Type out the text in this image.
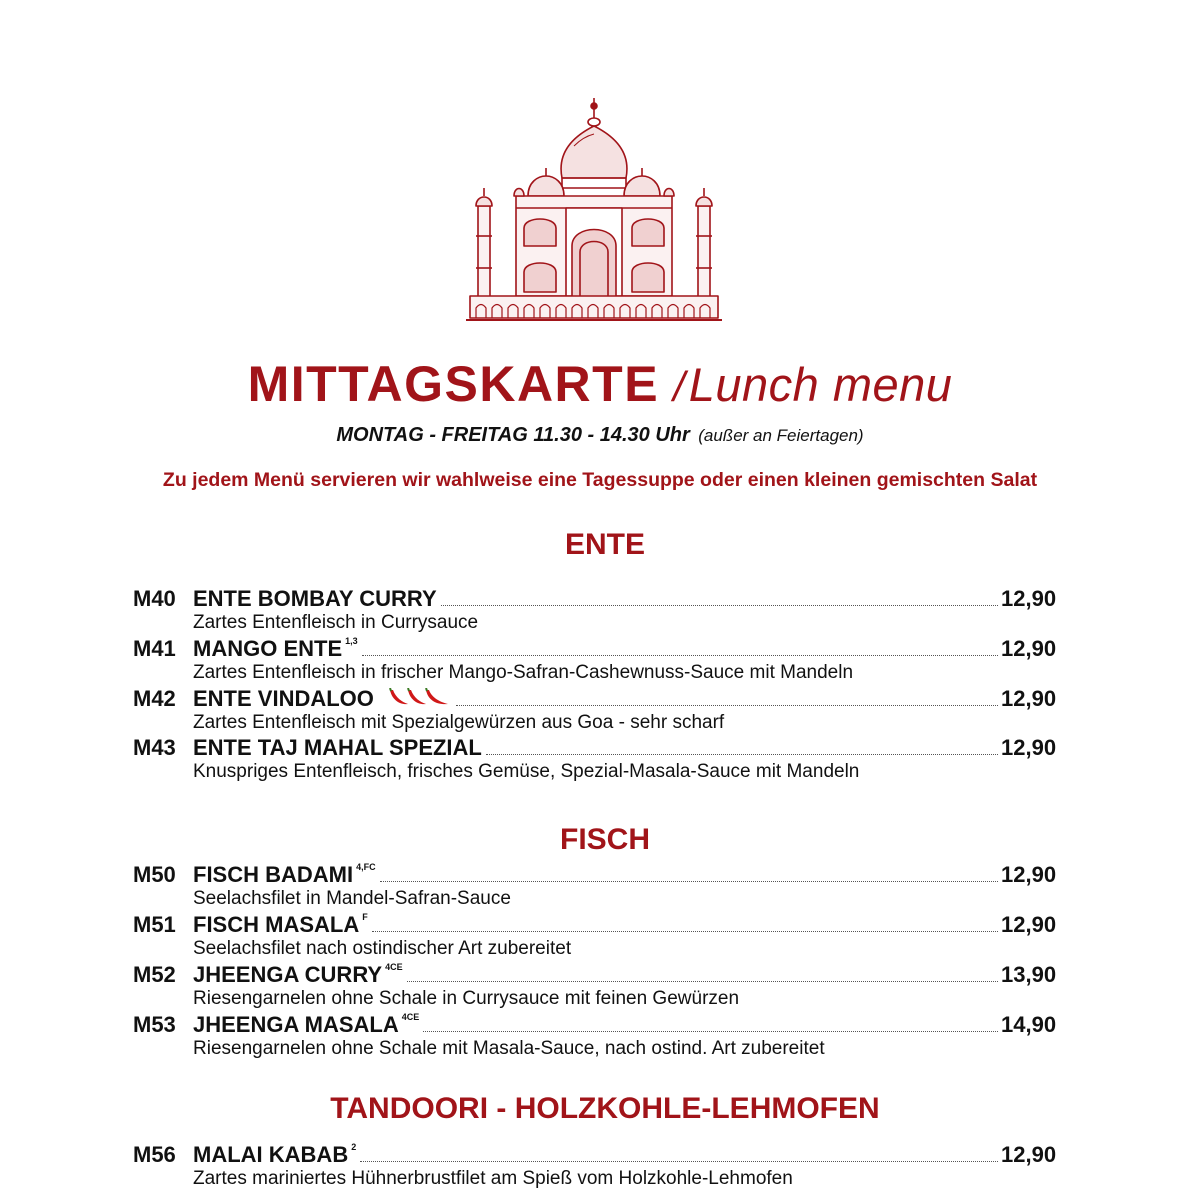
MITTAGSKARTE /Lunch menu
MONTAG - FREITAG 11.30 - 14.30 Uhr (außer an Feiertagen)
Zu jedem Menü servieren wir wahlweise eine Tagessuppe oder einen kleinen gemischten Salat
ENTE
M40 ENTE BOMBAY CURRY	12,90
Zartes Entenfleisch in Currysauce
M41 MANGO ENTE 1,3	12,90
Zartes Entenfleisch in frischer Mango-Safran-Cashewnuss-Sauce mit Mandeln
M42 ENTE VINDALOO	12,90
Zartes Entenfleisch mit Spezialgewürzen aus Goa - sehr scharf
M43 ENTE TAJ MAHAL SPEZIAL	12,90
Knuspriges Entenfleisch, frisches Gemüse, Spezial-Masala-Sauce mit Mandeln
FISCH
M50 FISCH BADAMI 4,FC	12,90
Seelachsfilet in Mandel-Safran-Sauce
M51 FISCH MASALA F	12,90
Seelachsfilet nach ostindischer Art zubereitet
M52 JHEENGA CURRY 4CE	13,90
Riesengarnelen ohne Schale in Currysauce mit feinen Gewürzen
M53 JHEENGA MASALA 4CE	14,90
Riesengarnelen ohne Schale mit Masala-Sauce, nach ostind. Art zubereitet
TANDOORI - HOLZKOHLE-LEHMOFEN
M56 MALAI KABAB 2	12,90
Zartes mariniertes Hühnerbrustfilet am Spieß vom Holzkohle-Lehmofen
